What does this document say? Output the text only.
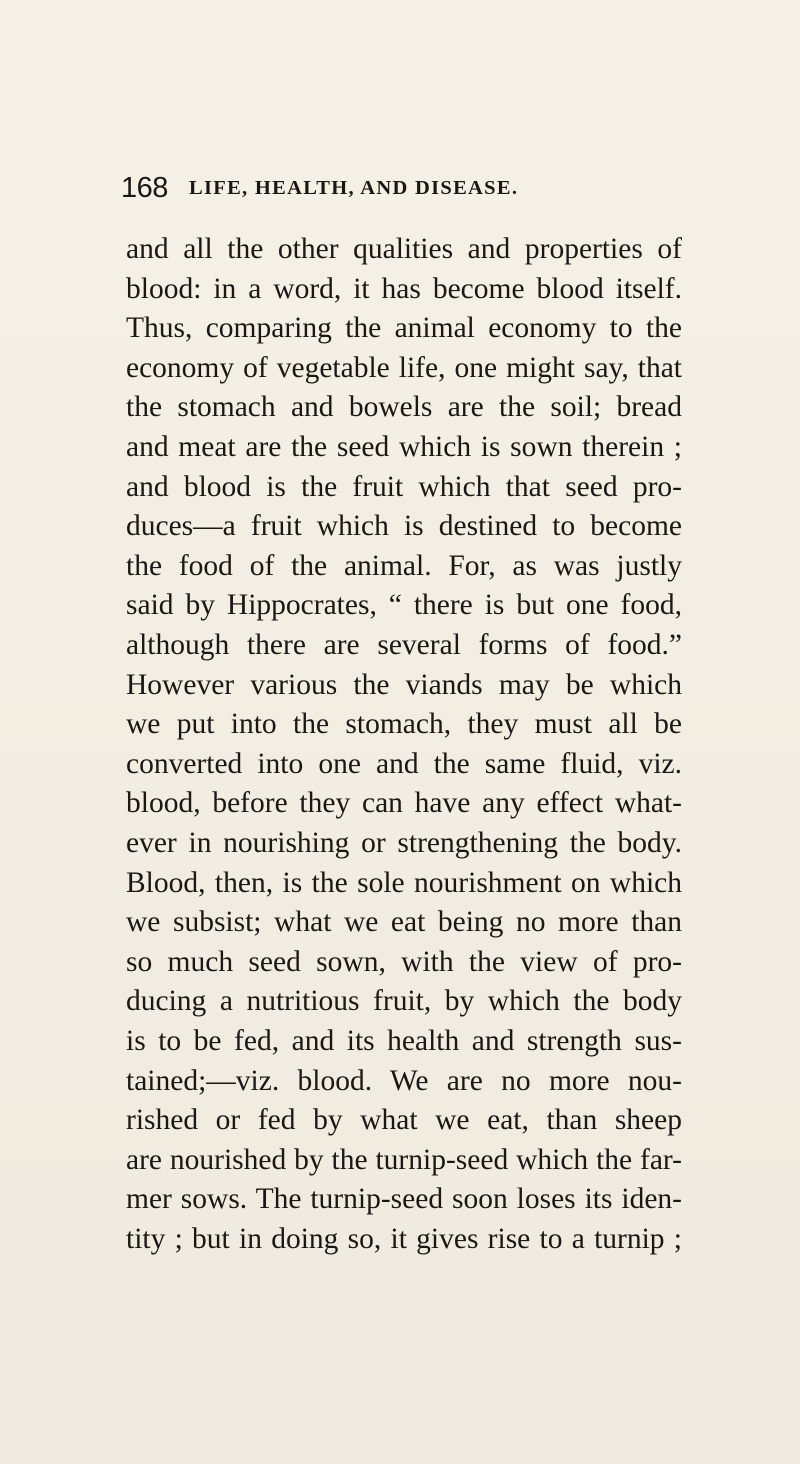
168 LIFE, HEALTH, AND DISEASE.
and all the other qualities and properties of
blood: in a word, it has become blood itself.
Thus, comparing the animal economy to the
economy of vegetable life, one might say, that
the stomach and bowels are the soil; bread
and meat are the seed which is sown therein ;
and blood is the fruit which that seed pro-
duces—a fruit which is destined to become
the food of the animal. For, as was justly
said by Hippocrates, “ there is but one food,
although there are several forms of food.”
However various the viands may be which
we put into the stomach, they must all be
converted into one and the same fluid, viz.
blood, before they can have any effect what-
ever in nourishing or strengthening the body.
Blood, then, is the sole nourishment on which
we subsist; what we eat being no more than
so much seed sown, with the view of pro-
ducing a nutritious fruit, by which the body
is to be fed, and its health and strength sus-
tained;—viz. blood. We are no more nou-
rished or fed by what we eat, than sheep
are nourished by the turnip-seed which the far-
mer sows. The turnip-seed soon loses its iden-
tity ; but in doing so, it gives rise to a turnip ;
